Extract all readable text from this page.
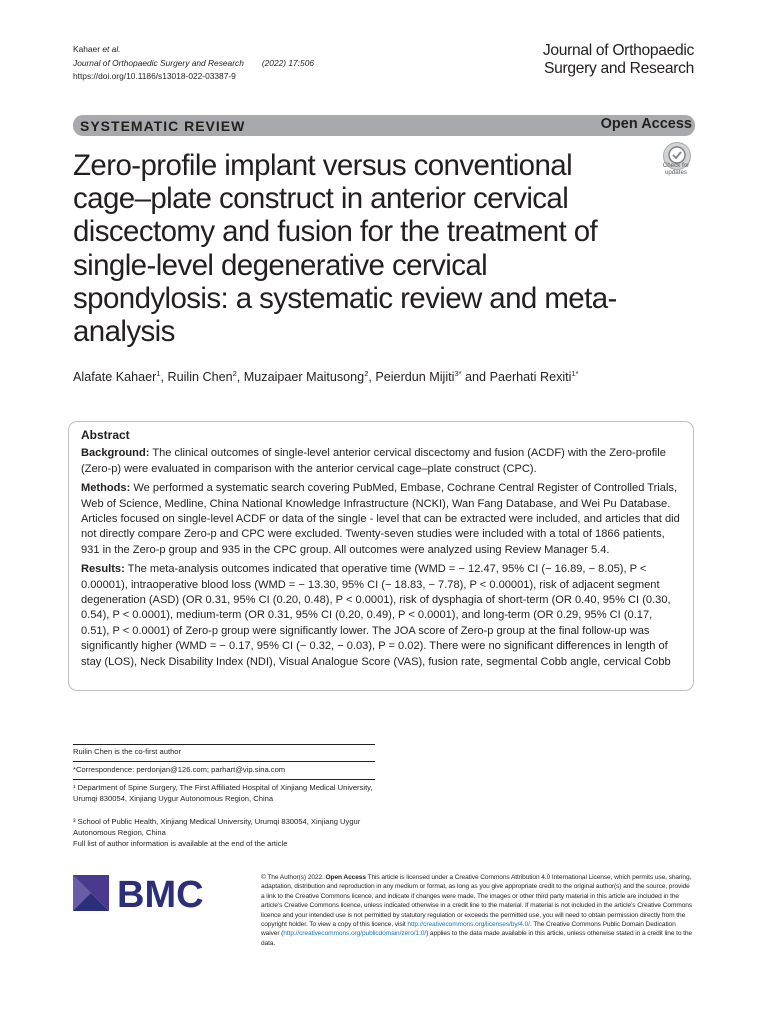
Kahaer et al.
Journal of Orthopaedic Surgery and Research (2022) 17:506
https://doi.org/10.1186/s13018-022-03387-9
Journal of Orthopaedic
Surgery and Research
SYSTEMATIC REVIEW	Open Access
Zero-profile implant versus conventional cage–plate construct in anterior cervical discectomy and fusion for the treatment of single-level degenerative cervical spondylosis: a systematic review and meta-analysis
Check for
updates
Alafate Kahaer$^1$, Ruilin Chen$^2$, Muzaipaer Maitusong$^2$, Peierdun Mijiti$^{3*}$ and Paerhati Rexiti$^{1*}$
Abstract

Background: The clinical outcomes of single-level anterior cervical discectomy and fusion (ACDF) with the Zero-profile (Zero-p) were evaluated in comparison with the anterior cervical cage–plate construct (CPC).

Methods: We performed a systematic search covering PubMed, Embase, Cochrane Central Register of Controlled Trials, Web of Science, Medline, China National Knowledge Infrastructure (NCKI), Wan Fang Database, and Wei Pu Database. Articles focused on single-level ACDF or data of the single - level that can be extracted were included, and articles that did not directly compare Zero-p and CPC were excluded. Twenty-seven studies were included with a total of 1866 patients, 931 in the Zero-p group and 935 in the CPC group. All outcomes were analyzed using Review Manager 5.4.

Results: The meta-analysis outcomes indicated that operative time (WMD = − 12.47, 95% CI (− 16.89, − 8.05), P < 0.00001), intraoperative blood loss (WMD = − 13.30, 95% CI (− 18.83, − 7.78), P < 0.00001), risk of adjacent segment degeneration (ASD) (OR 0.31, 95% CI (0.20, 0.48), P < 0.0001), risk of dysphagia of short-term (OR 0.40, 95% CI (0.30, 0.54), P < 0.0001), medium-term (OR 0.31, 95% CI (0.20, 0.49), P < 0.0001), and long-term (OR 0.29, 95% CI (0.17, 0.51), P < 0.0001) of Zero-p group were significantly lower. The JOA score of Zero-p group at the final follow-up was significantly higher (WMD = − 0.17, 95% CI (− 0.32, − 0.03), P = 0.02). There were no significant differences in length of stay (LOS), Neck Disability Index (NDI), Visual Analogue Score (VAS), fusion rate, segmental Cobb angle, cervical Cobb

Ruilin Chen is the co-first author
*Correspondence: perdonjan@126.com; parhart@vip.sina.com
¹ Department of Spine Surgery, The First Affiliated Hospital of Xinjiang Medical University, Urumqi 830054, Xinjiang Uygur Autonomous Region, China
³ School of Public Health, Xinjiang Medical University, Urumqi 830054, Xinjiang Uygur Autonomous Region, China
Full list of author information is available at the end of the article
BMC	© The Author(s) 2022. Open Access This article is licensed under a Creative Commons Attribution 4.0 International License, which permits use, sharing, adaptation, distribution and reproduction in any medium or format, as long as you give appropriate credit to the original author(s) and the source, provide a link to the Creative Commons licence, and indicate if changes were made. The images or other third party material in this article are included in the article’s Creative Commons licence, unless indicated otherwise in a credit line to the material. If material is not included in the article’s Creative Commons licence and your intended use is not permitted by statutory regulation or exceeds the permitted use, you will need to obtain permission directly from the copyright holder. To view a copy of this licence, visit http://creativecommons.org/licenses/by/4.0/. The Creative Commons Public Domain Dedication waiver (http://creativecommons.org/publicdomain/zero/1.0/) applies to the data made available in this article, unless otherwise stated in a credit line to the data.
